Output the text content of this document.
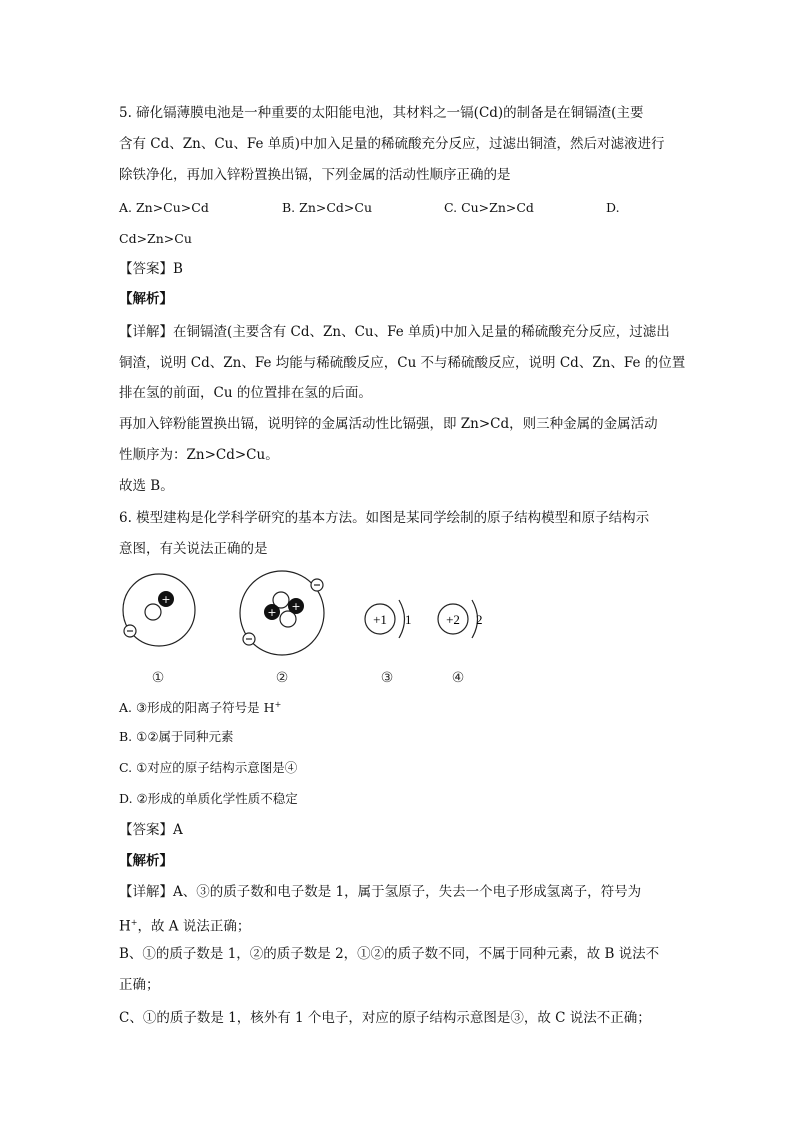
5. 碲化镉薄膜电池是一种重要的太阳能电池，其材料之一镉(Cd)的制备是在铜镉渣(主要
含有 Cd、Zn、Cu、Fe 单质)中加入足量的稀硫酸充分反应，过滤出铜渣，然后对滤液进行
除铁净化，再加入锌粉置换出镉，下列金属的活动性顺序正确的是
A. Zn>Cu>Cd	B. Zn>Cd>Cu	C. Cu>Zn>Cd	D.
Cd>Zn>Cu
【答案】B
【解析】
【详解】在铜镉渣(主要含有 Cd、Zn、Cu、Fe 单质)中加入足量的稀硫酸充分反应，过滤出
铜渣，说明 Cd、Zn、Fe 均能与稀硫酸反应，Cu 不与稀硫酸反应，说明 Cd、Zn、Fe 的位置
排在氢的前面，Cu 的位置排在氢的后面。
再加入锌粉能置换出镉，说明锌的金属活动性比镉强，即 Zn>Cd，则三种金属的金属活动
性顺序为：Zn>Cd>Cu。
故选 B。
6. 模型建构是化学科学研究的基本方法。如图是某同学绘制的原子结构模型和原子结构示
意图，有关说法正确的是
+
+ +
+1 1	+2 2
①	②	③	④
A. ③形成的阳离子符号是 H+
B. ①②属于同种元素
C. ①对应的原子结构示意图是④
D. ②形成的单质化学性质不稳定
【答案】A
【解析】
【详解】A、③的质子数和电子数是 1，属于氢原子，失去一个电子形成氢离子，符号为
H+，故 A 说法正确；
B、①的质子数是 1，②的质子数是 2，①②的质子数不同，不属于同种元素，故 B 说法不
正确；
C、①的质子数是 1，核外有 1 个电子，对应的原子结构示意图是③，故 C 说法不正确；
